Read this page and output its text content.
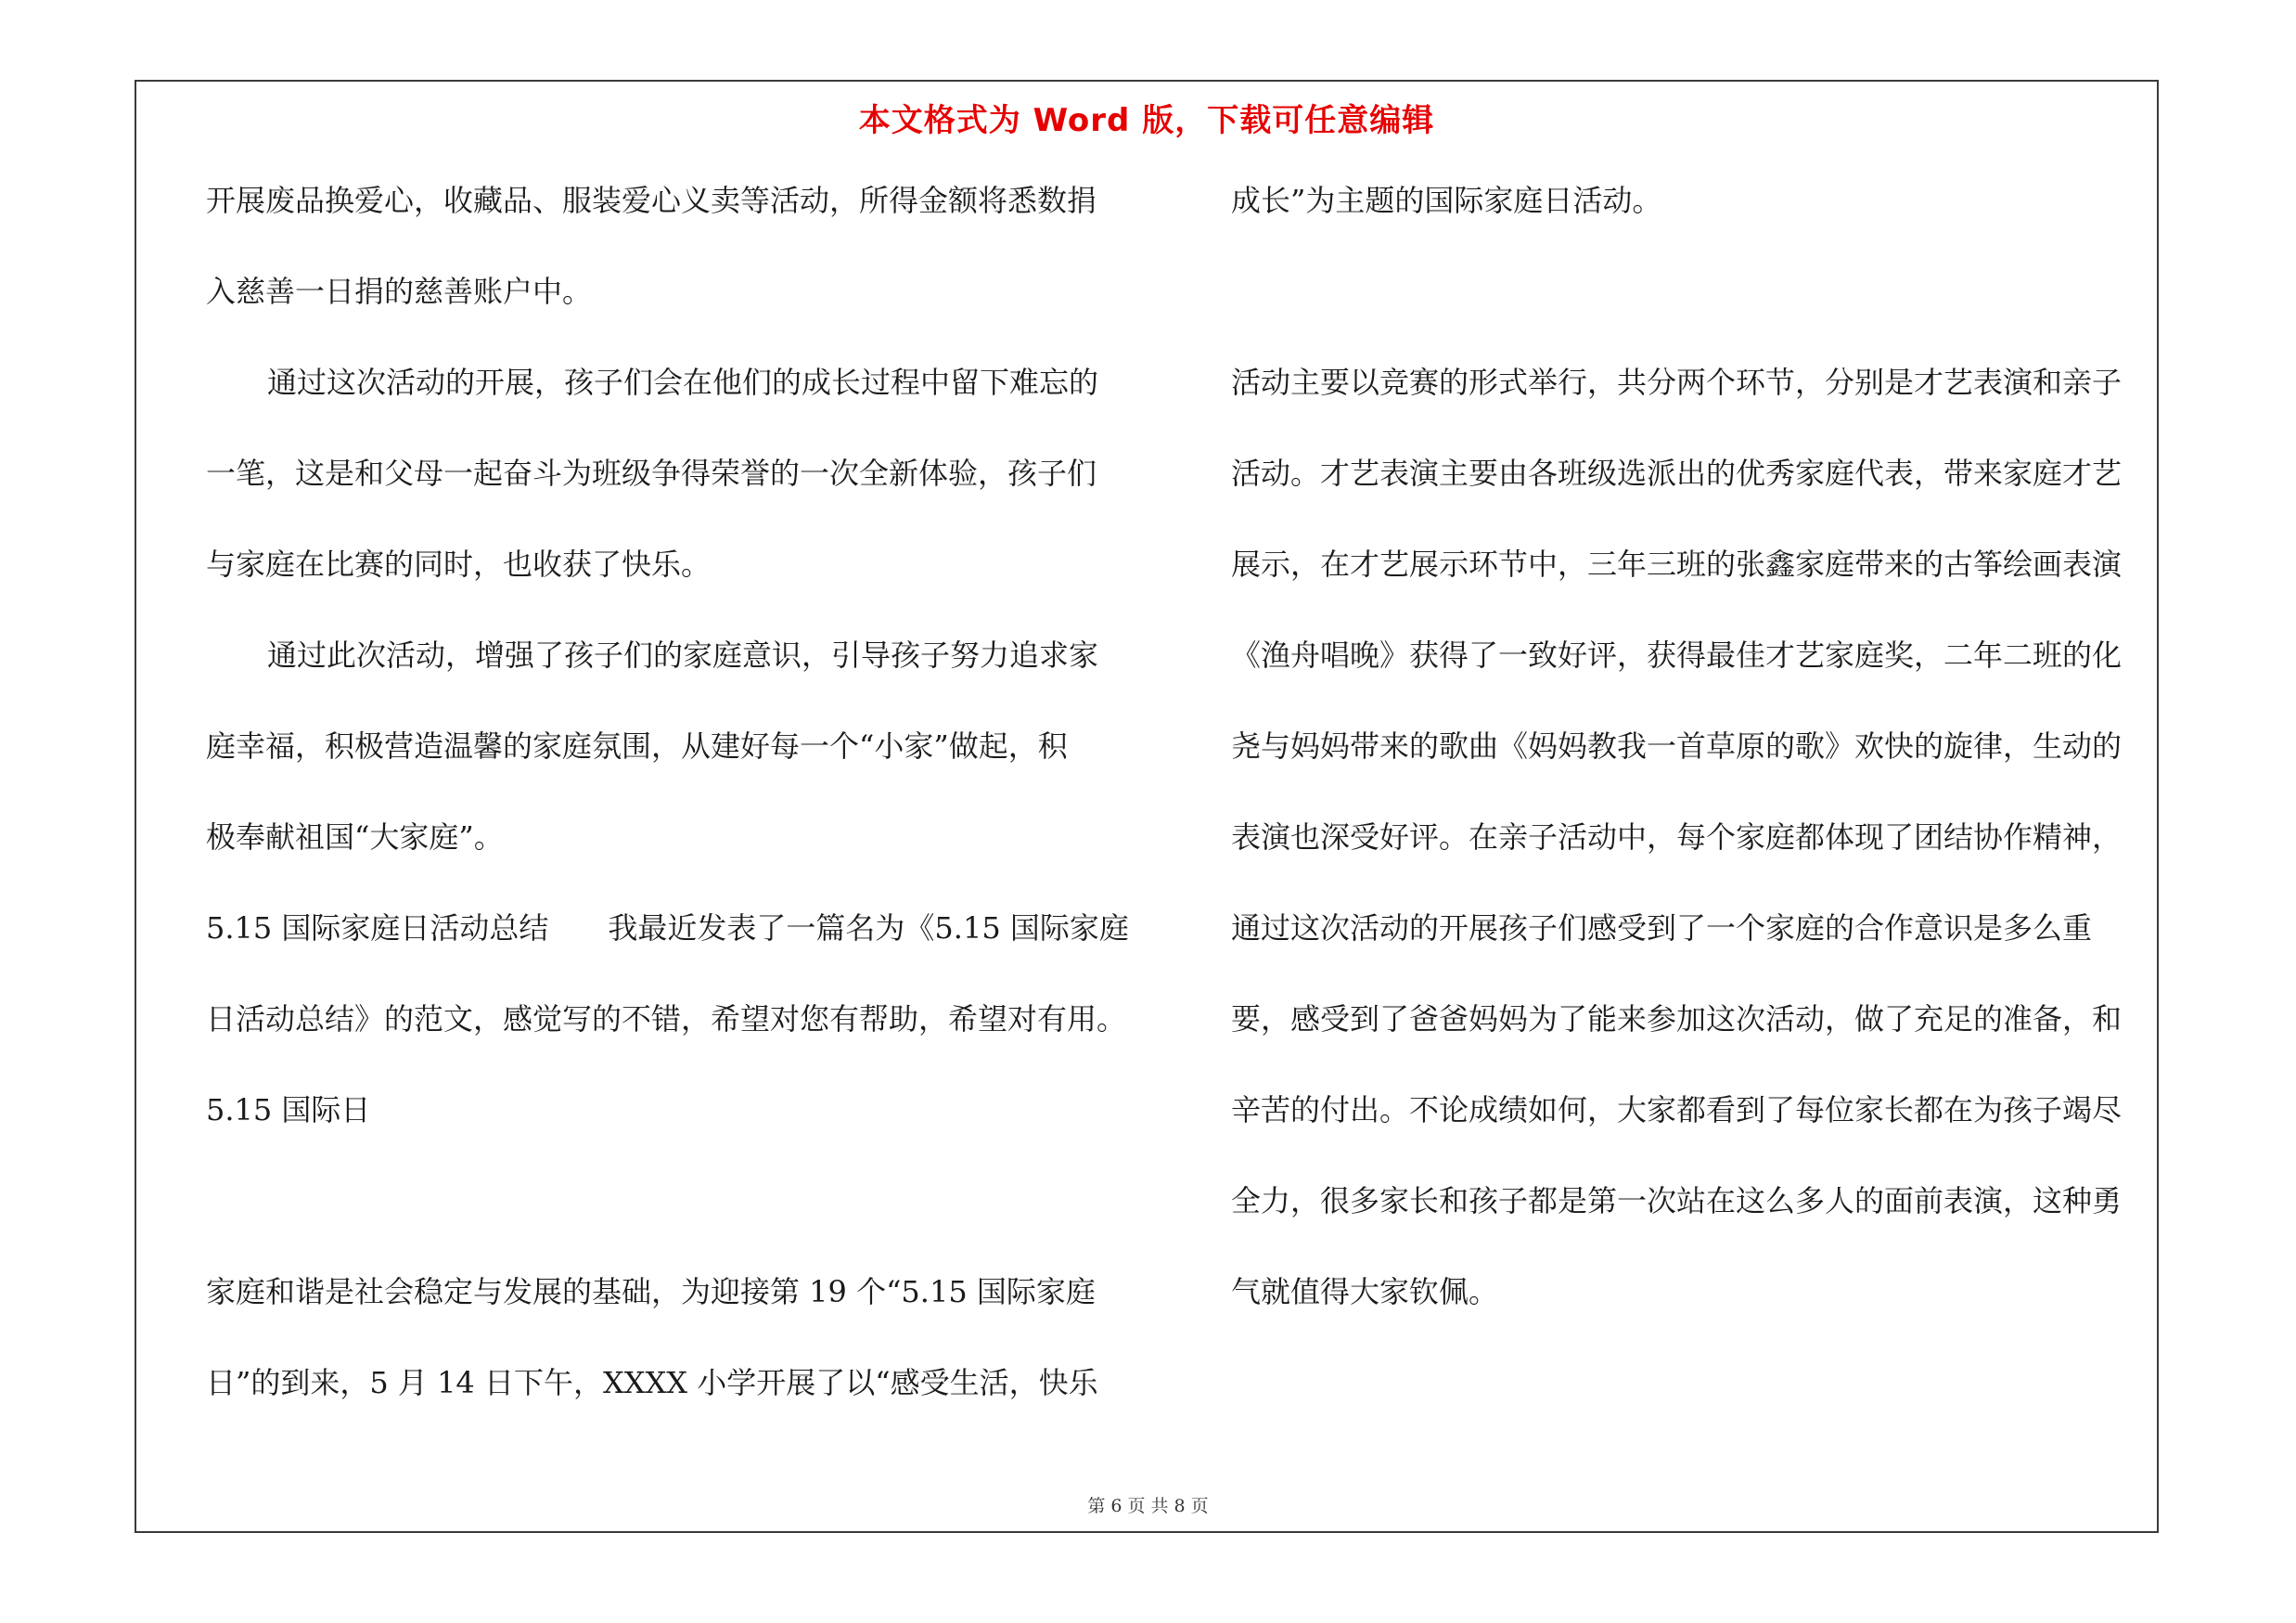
本文格式为 Word 版，下载可任意编辑
开展废品换爱心，收藏品、服装爱心义卖等活动，所得金额将悉数捐
入慈善一日捐的慈善账户中。
通过这次活动的开展，孩子们会在他们的成长过程中留下难忘的
一笔，这是和父母一起奋斗为班级争得荣誉的一次全新体验，孩子们
与家庭在比赛的同时，也收获了快乐。
通过此次活动，增强了孩子们的家庭意识，引导孩子努力追求家
庭幸福，积极营造温馨的家庭氛围，从建好每一个“小家”做起，积
极奉献祖国“大家庭”。
5.15 国际家庭日活动总结　　我最近发表了一篇名为《5.15 国际家庭
日活动总结》的范文，感觉写的不错，希望对您有帮助，希望对有用。
5.15 国际日
家庭和谐是社会稳定与发展的基础，为迎接第 19 个“5.15 国际家庭
日”的到来，5 月 14 日下午，XXXX 小学开展了以“感受生活，快乐
成长”为主题的国际家庭日活动。
活动主要以竞赛的形式举行，共分两个环节，分别是才艺表演和亲子
活动。才艺表演主要由各班级选派出的优秀家庭代表，带来家庭才艺
展示，在才艺展示环节中，三年三班的张鑫家庭带来的古筝绘画表演
《渔舟唱晚》获得了一致好评，获得最佳才艺家庭奖，二年二班的化
尧与妈妈带来的歌曲《妈妈教我一首草原的歌》欢快的旋律，生动的
表演也深受好评。在亲子活动中，每个家庭都体现了团结协作精神，
通过这次活动的开展孩子们感受到了一个家庭的合作意识是多么重
要，感受到了爸爸妈妈为了能来参加这次活动，做了充足的准备，和
辛苦的付出。不论成绩如何，大家都看到了每位家长都在为孩子竭尽
全力，很多家长和孩子都是第一次站在这么多人的面前表演，这种勇
气就值得大家钦佩。
第 6 页 共 8 页
